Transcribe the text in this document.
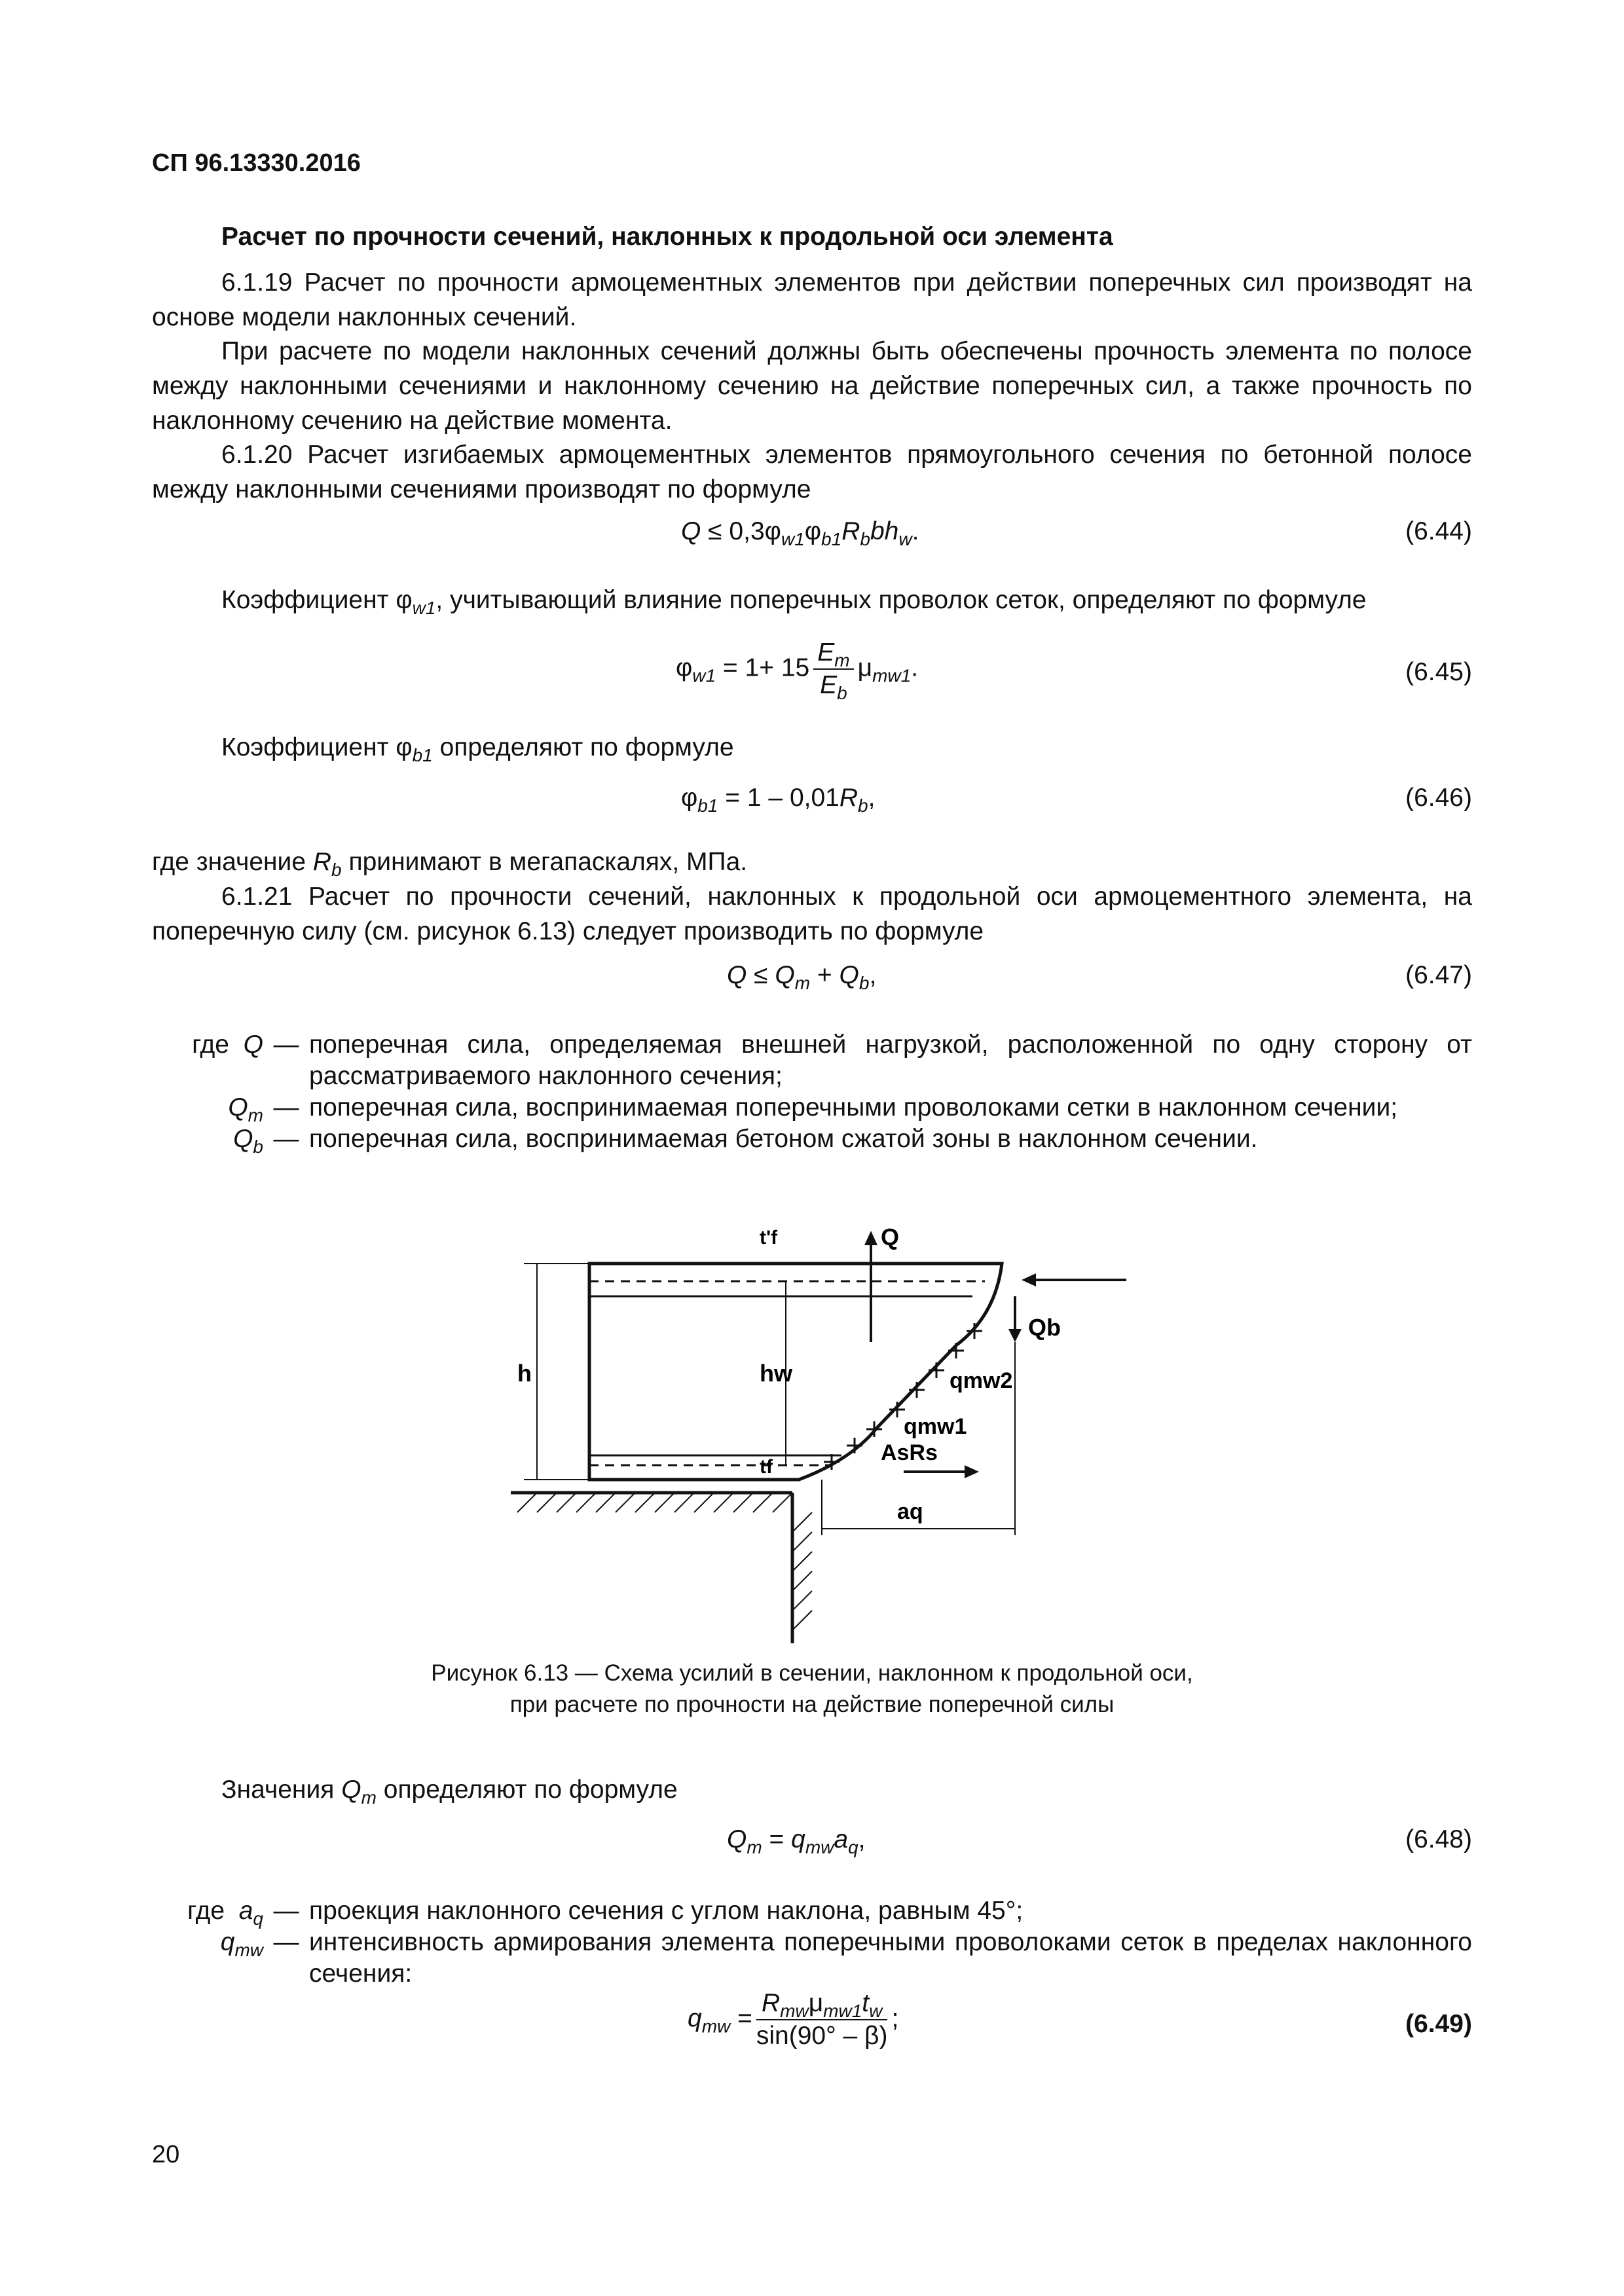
СП 96.13330.2016
Расчет по прочности сечений, наклонных к продольной оси элемента
6.1.19 Расчет по прочности армоцементных элементов при действии поперечных сил производят на основе модели наклонных сечений.
При расчете по модели наклонных сечений должны быть обеспечены прочность элемента по полосе между наклонными сечениями и наклонному сечению на действие поперечных сил, а также прочность по наклонному сечению на действие момента.
6.1.20 Расчет изгибаемых армоцементных элементов прямоугольного сечения по бетонной полосе между наклонными сечениями производят по формуле
$Q \le 0,3\varphi_{w1}\varphi_{b1}R_bbh_w$.	(6.44)
Коэффициент $\varphi_{w1}$, учитывающий влияние поперечных проволок сеток, определяют по формуле
$\varphi_{w1} = 1+ 15 \frac{E_m}{E_b} \mu_{mw1}$.	(6.45)
Коэффициент $\varphi_{b1}$ определяют по формуле
$\varphi_{b1} = 1 - 0,01R_b$,	(6.46)
где значение $R_b$ принимают в мегапаскалях, МПа.
6.1.21 Расчет по прочности сечений, наклонных к продольной оси армоцементного элемента, на поперечную силу (см. рисунок 6.13) следует производить по формуле
$Q \le Q_m + Q_b$,	(6.47)
где  Q — поперечная сила, определяемая внешней нагрузкой, расположенной по одну сторону от рассматриваемого наклонного сечения;
$Q_m$ — поперечная сила, воспринимаемая поперечными проволоками сетки в наклонном сечении;
$Q_b$ — поперечная сила, воспринимаемая бетоном сжатой зоны в наклонном сечении.
Q
Qb
h	hw
t'f
tf
qmw2
qmw1
AsRs
aq
Рисунок 6.13 — Схема усилий в сечении, наклонном к продольной оси,
при расчете по прочности на действие поперечной силы
Значения $Q_m$ определяют по формуле
$Q_m = q_{mw}a_q$,	(6.48)
где  $a_q$ — проекция наклонного сечения с углом наклона, равным 45°;
$q_{mw}$ — интенсивность армирования элемента поперечными проволоками сеток в пределах наклонного сечения:
$q_{mw} = \frac{R_{mw}\mu_{mw1}t_w}{\sin(90^\circ - \beta)}$ ;	(6.49)
20
